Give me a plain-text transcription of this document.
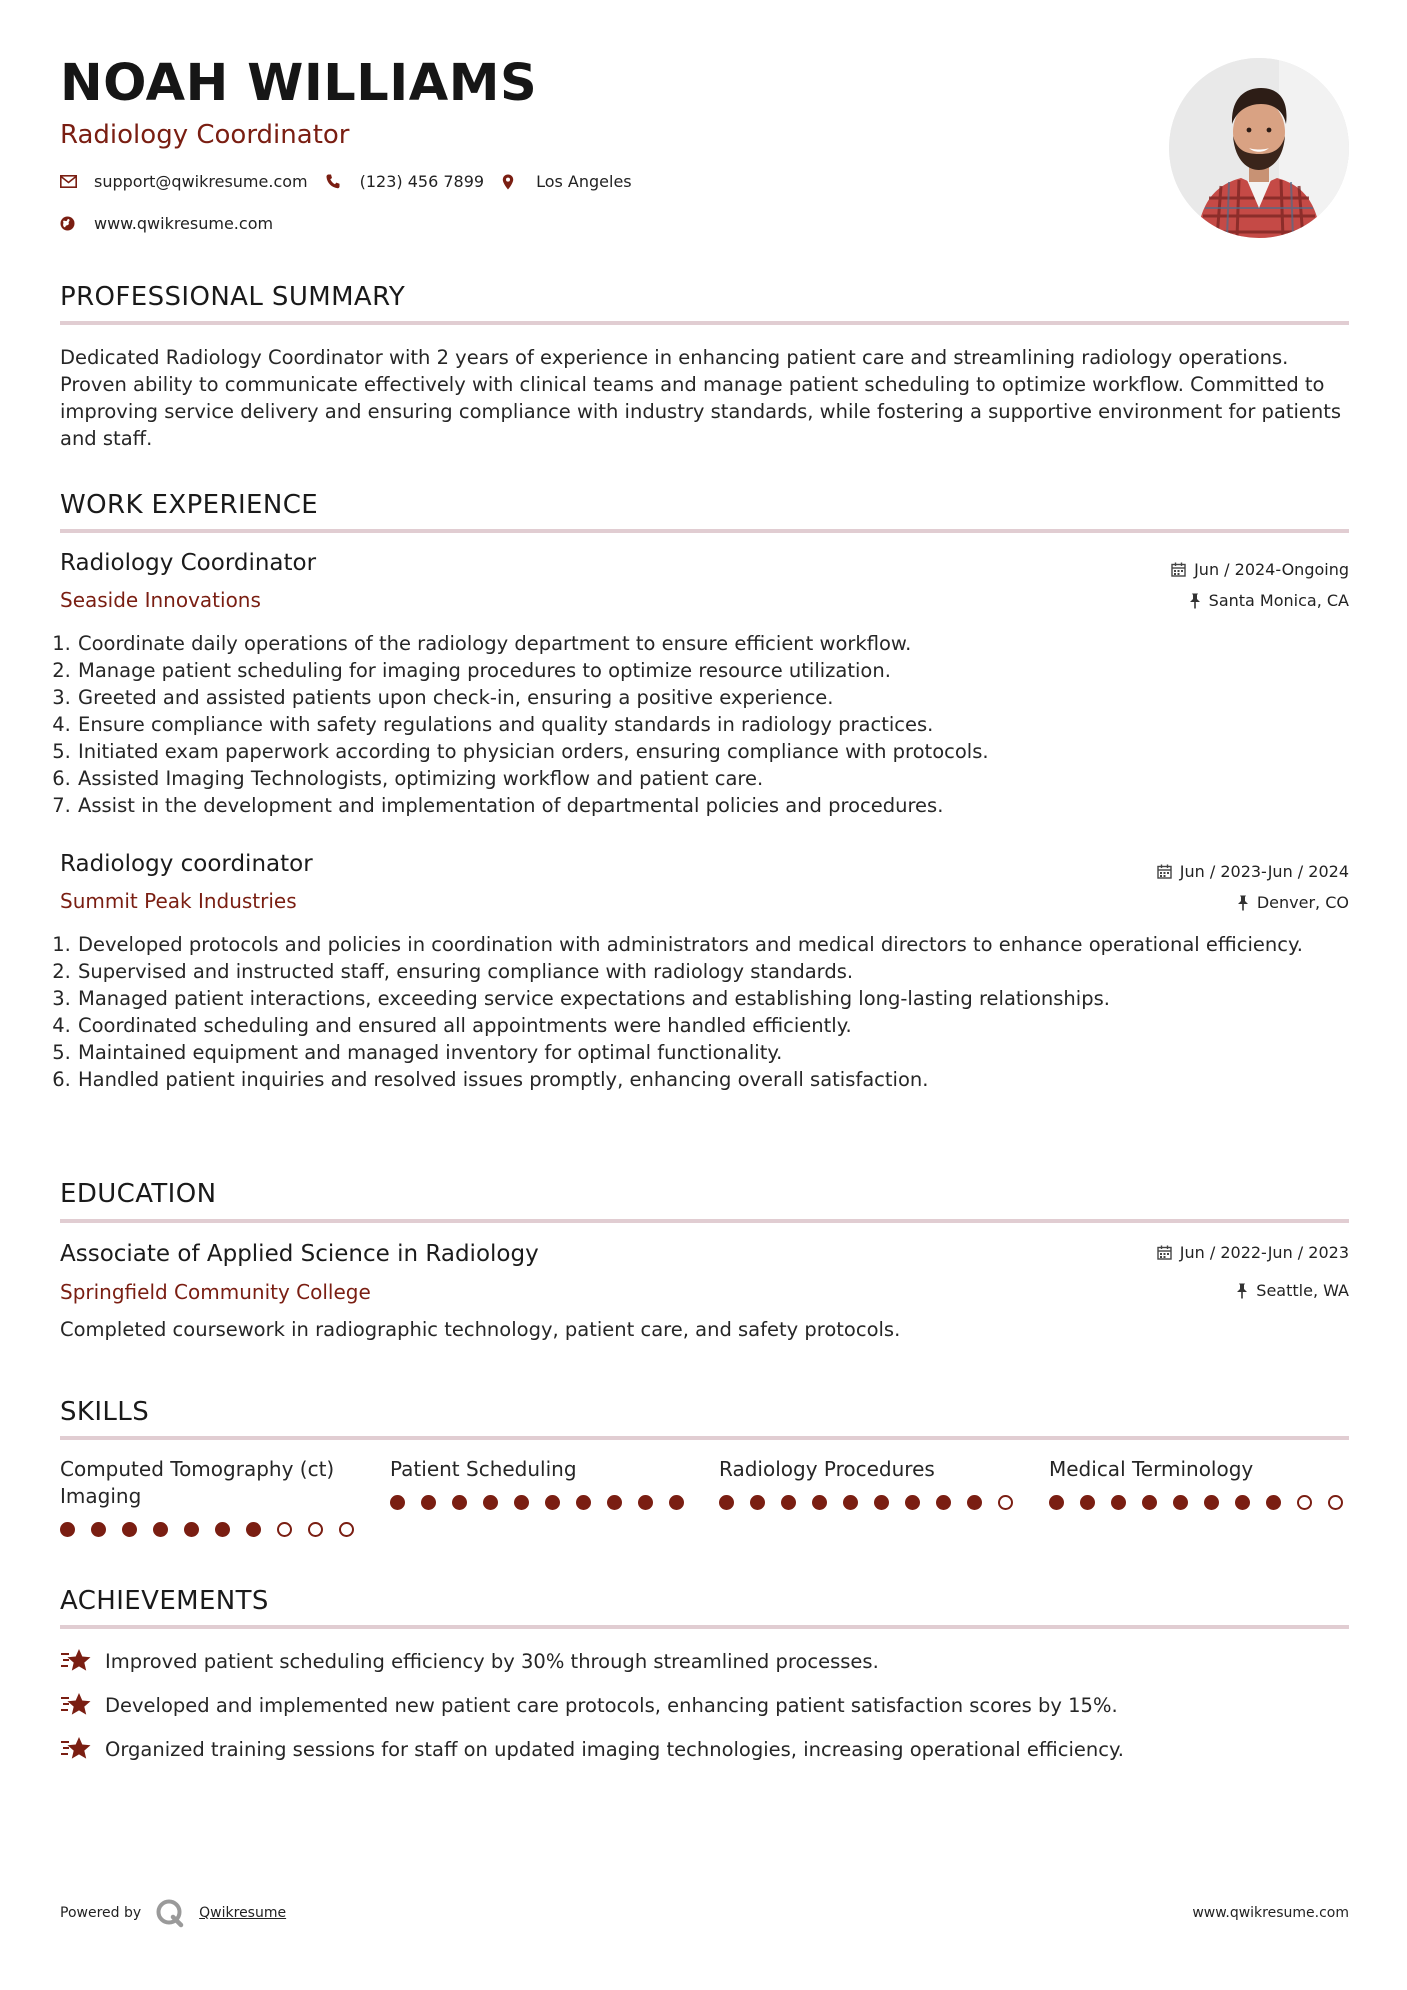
NOAH WILLIAMS
Radiology Coordinator
support@qwikresume.com	(123) 456 7899	Los Angeles
www.qwikresume.com
PROFESSIONAL SUMMARY
Dedicated Radiology Coordinator with 2 years of experience in enhancing patient care and streamlining radiology operations. Proven ability to communicate effectively with clinical teams and manage patient scheduling to optimize workflow. Committed to improving service delivery and ensuring compliance with industry standards, while fostering a supportive environment for patients and staff.
WORK EXPERIENCE
Radiology Coordinator
Seaside Innovations
Jun / 2024-Ongoing
Santa Monica, CA
1. Coordinate daily operations of the radiology department to ensure efficient workflow.
2. Manage patient scheduling for imaging procedures to optimize resource utilization.
3. Greeted and assisted patients upon check-in, ensuring a positive experience.
4. Ensure compliance with safety regulations and quality standards in radiology practices.
5. Initiated exam paperwork according to physician orders, ensuring compliance with protocols.
6. Assisted Imaging Technologists, optimizing workflow and patient care.
7. Assist in the development and implementation of departmental policies and procedures.
Radiology coordinator
Summit Peak Industries
Jun / 2023-Jun / 2024
Denver, CO
1. Developed protocols and policies in coordination with administrators and medical directors to enhance operational efficiency.
2. Supervised and instructed staff, ensuring compliance with radiology standards.
3. Managed patient interactions, exceeding service expectations and establishing long-lasting relationships.
4. Coordinated scheduling and ensured all appointments were handled efficiently.
5. Maintained equipment and managed inventory for optimal functionality.
6. Handled patient inquiries and resolved issues promptly, enhancing overall satisfaction.
EDUCATION
Associate of Applied Science in Radiology
Springfield Community College
Jun / 2022-Jun / 2023
Seattle, WA
Completed coursework in radiographic technology, patient care, and safety protocols.
SKILLS
Computed Tomography (ct) Imaging
Patient Scheduling	Radiology Procedures	Medical Terminology
ACHIEVEMENTS
Improved patient scheduling efficiency by 30% through streamlined processes.
Developed and implemented new patient care protocols, enhancing patient satisfaction scores by 15%.
Organized training sessions for staff on updated imaging technologies, increasing operational efficiency.
Powered by	Qwikresume	www.qwikresume.com
